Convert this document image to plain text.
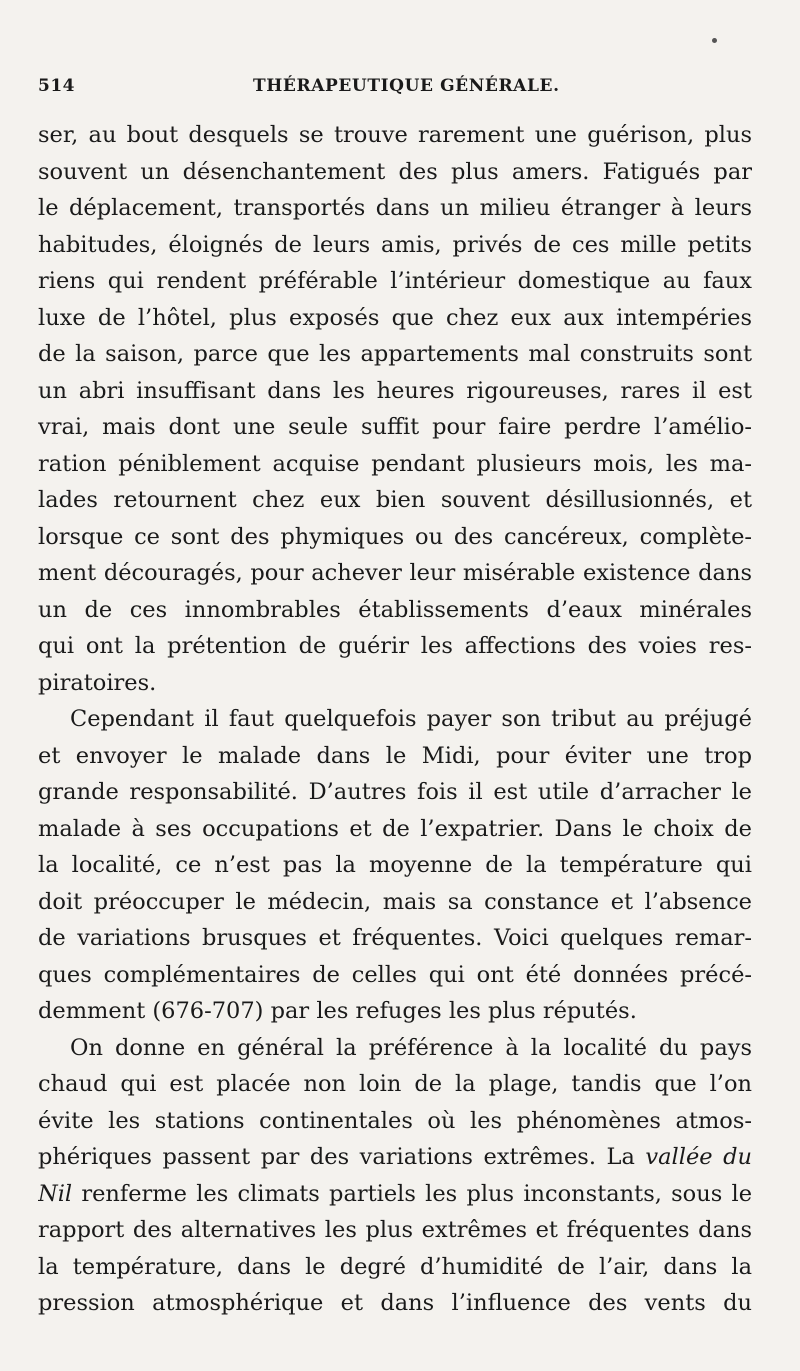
514	THÉRAPEUTIQUE GÉNÉRALE.
ser, au bout desquels se trouve rarement une guérison, plus
souvent un désenchantement des plus amers. Fatigués par
le déplacement, transportés dans un milieu étranger à leurs
habitudes, éloignés de leurs amis, privés de ces mille petits
riens qui rendent préférable l’intérieur domestique au faux
luxe de l’hôtel, plus exposés que chez eux aux intempéries
de la saison, parce que les appartements mal construits sont
un abri insuffisant dans les heures rigoureuses, rares il est
vrai, mais dont une seule suffit pour faire perdre l’amélio-
ration péniblement acquise pendant plusieurs mois, les ma-
lades retournent chez eux bien souvent désillusionnés, et
lorsque ce sont des phymiques ou des cancéreux, complète-
ment découragés, pour achever leur misérable existence dans
un de ces innombrables établissements d’eaux minérales
qui ont la prétention de guérir les affections des voies res-
piratoires.
Cependant il faut quelquefois payer son tribut au préjugé
et envoyer le malade dans le Midi, pour éviter une trop
grande responsabilité. D’autres fois il est utile d’arracher le
malade à ses occupations et de l’expatrier. Dans le choix de
la localité, ce n’est pas la moyenne de la température qui
doit préoccuper le médecin, mais sa constance et l’absence
de variations brusques et fréquentes. Voici quelques remar-
ques complémentaires de celles qui ont été données précé-
demment (676-707) par les refuges les plus réputés.
On donne en général la préférence à la localité du pays
chaud qui est placée non loin de la plage, tandis que l’on
évite les stations continentales où les phénomènes atmos-
phériques passent par des variations extrêmes. La vallée du
Nil renferme les climats partiels les plus inconstants, sous le
rapport des alternatives les plus extrêmes et fréquentes dans
la température, dans le degré d’humidité de l’air, dans la
pression atmosphérique et dans l’influence des vents du
